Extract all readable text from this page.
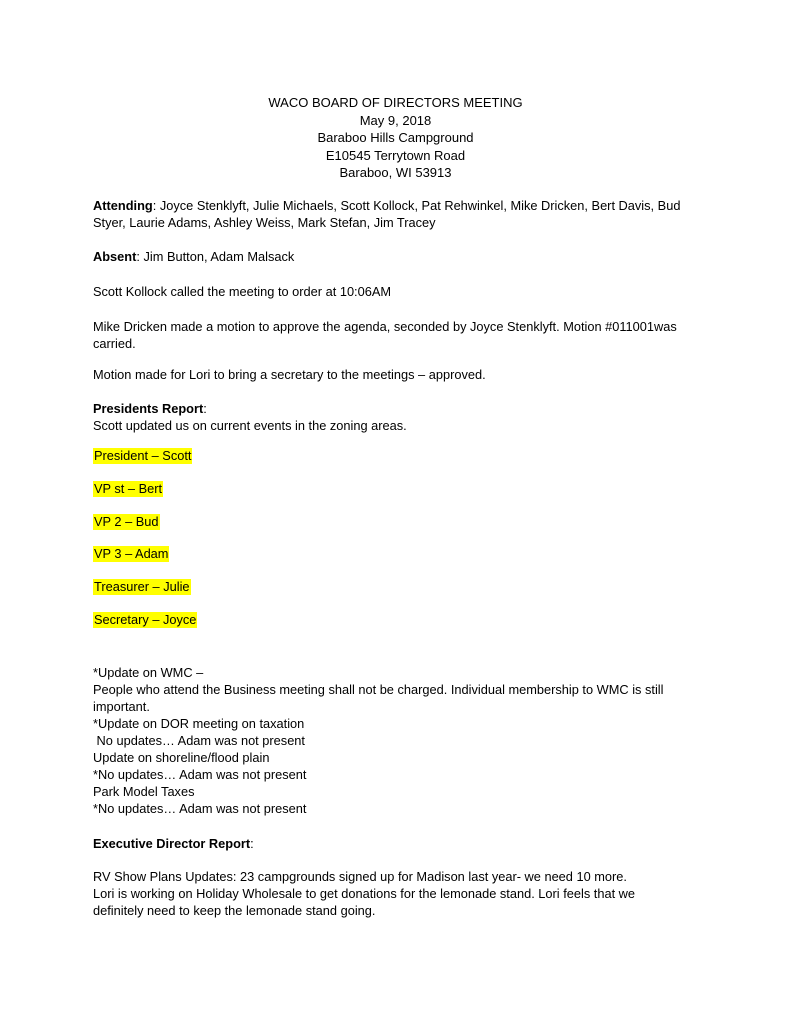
WACO BOARD OF DIRECTORS MEETING
May 9, 2018
Baraboo Hills Campground
E10545 Terrytown Road
Baraboo, WI 53913
Attending: Joyce Stenklyft, Julie Michaels, Scott Kollock, Pat Rehwinkel, Mike Dricken, Bert Davis, Bud
Styer, Laurie Adams, Ashley Weiss, Mark Stefan, Jim Tracey
Absent: Jim Button, Adam Malsack
Scott Kollock called the meeting to order at 10:06AM
Mike Dricken made a motion to approve the agenda, seconded by Joyce Stenklyft. Motion #011001was
carried.
Motion made for Lori to bring a secretary to the meetings – approved.
Presidents Report:
Scott updated us on current events in the zoning areas.
President – Scott
VP st – Bert
VP 2 – Bud
VP 3 – Adam
Treasurer – Julie
Secretary – Joyce
*Update on WMC –
People who attend the Business meeting shall not be charged. Individual membership to WMC is still
important.
*Update on DOR meeting on taxation
No updates… Adam was not present
Update on shoreline/flood plain
*No updates… Adam was not present
Park Model Taxes
*No updates… Adam was not present
Executive Director Report:
RV Show Plans Updates: 23 campgrounds signed up for Madison last year- we need 10 more.
Lori is working on Holiday Wholesale to get donations for the lemonade stand. Lori feels that we
definitely need to keep the lemonade stand going.
